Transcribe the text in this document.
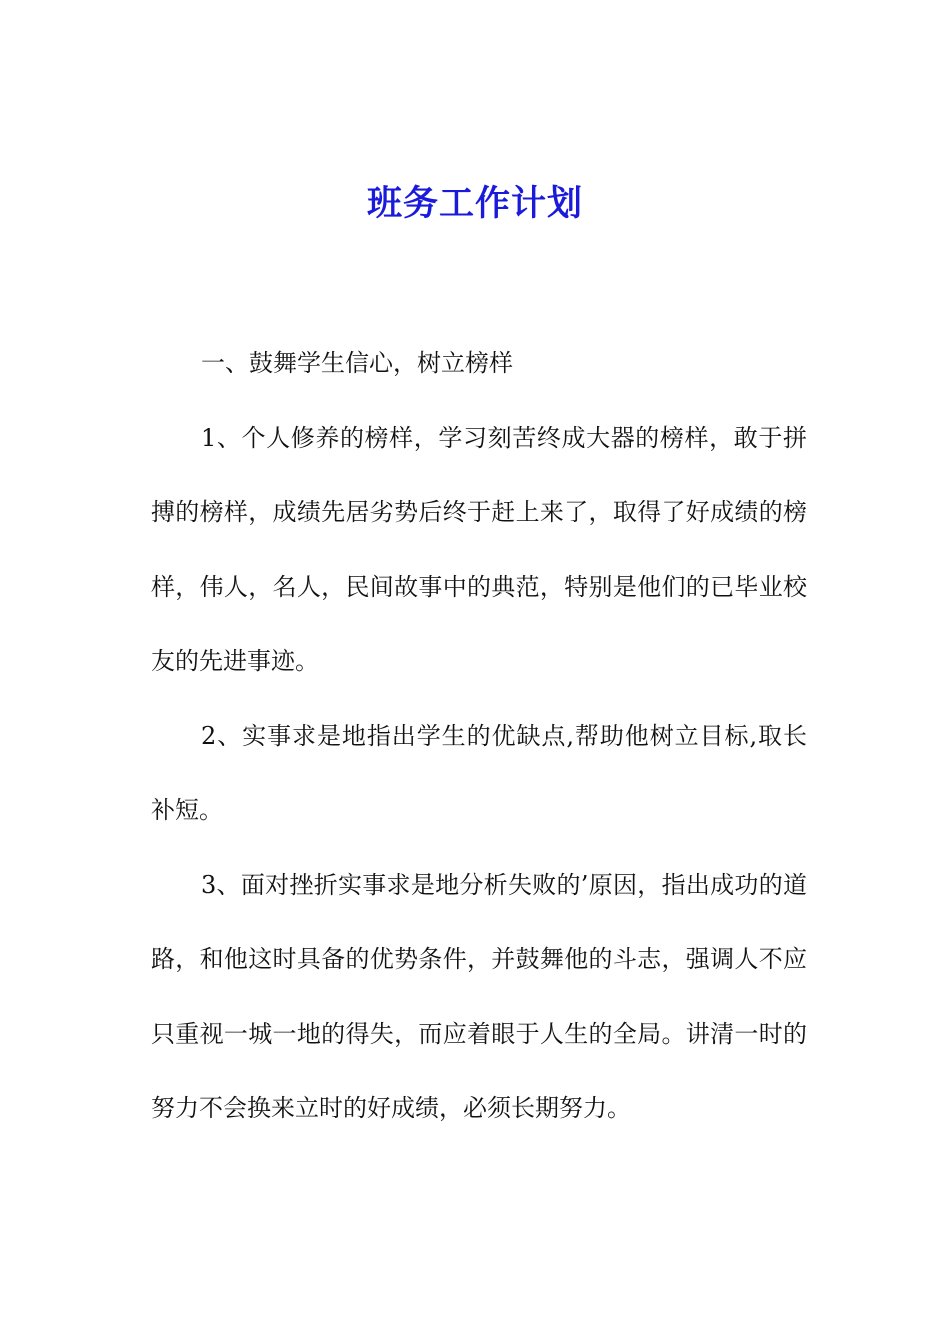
班务工作计划

一、鼓舞学生信心，树立榜样

1、个人修养的榜样，学习刻苦终成大器的榜样，敢于拼搏的榜样，成绩先居劣势后终于赶上来了，取得了好成绩的榜样，伟人，名人，民间故事中的典范，特别是他们的已毕业校友的先进事迹。

2、实事求是地指出学生的优缺点,帮助他树立目标,取长补短。

3、面对挫折实事求是地分析失败的’原因，指出成功的道路，和他这时具备的优势条件，并鼓舞他的斗志，强调人不应只重视一城一地的得失，而应着眼于人生的全局。讲清一时的努力不会换来立时的好成绩，必须长期努力。
